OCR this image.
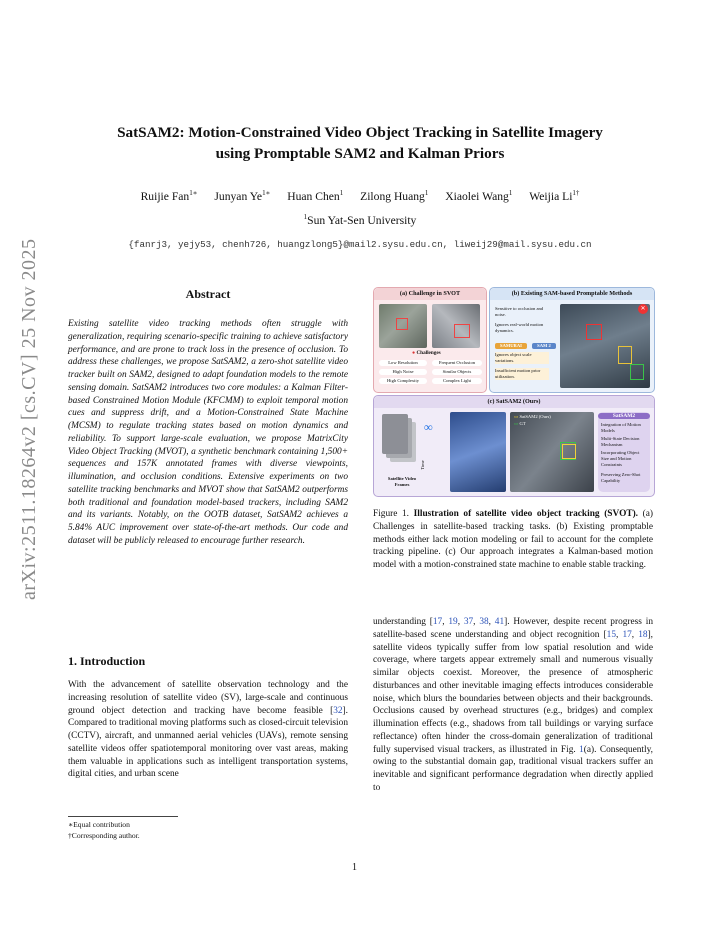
arXiv:2511.18264v2 [cs.CV] 25 Nov 2025
SatSAM2: Motion-Constrained Video Object Tracking in Satellite Imagery
using Promptable SAM2 and Kalman Priors
Ruijie Fan$^{1∗}$ Junyan $Ye^{1∗}$ Huan Chen$^1$ Zilong Huang$^1$ Xiaolei Wang$^1$ Weijia $Li^{1\dagger}$
$^1$Sun Yat-Sen University
{fanrj3, yejy53, chenh726, huangzlong5}@mail2.sysu.edu.cn, liweij29@mail.sysu.edu.cn
Abstract
Existing satellite video tracking methods often struggle with generalization, requiring scenario-specific training to achieve satisfactory performance, and are prone to track loss in the presence of occlusion. To address these challenges, we propose SatSAM2, a zero-shot satellite video tracker built on SAM2, designed to adapt foundation models to the remote sensing domain. SatSAM2 introduces two core modules: a Kalman Filter-based Constrained Motion Module (KFCMM) to exploit temporal motion cues and suppress drift, and a Motion-Constrained State Machine (MCSM) to regulate tracking states based on motion dynamics and reliability. To support large-scale evaluation, we propose MatrixCity Video Object Tracking (MVOT), a synthetic benchmark containing 1,500+ sequences and 157K annotated frames with diverse viewpoints, illumination, and occlusion conditions. Extensive experiments on two satellite tracking benchmarks and MVOT show that SatSAM2 outperforms both traditional and foundation model-based trackers, including SAM2 and its variants. Notably, on the OOTB dataset, SatSAM2 achieves a 5.84% AUC improvement over state-of-the-art methods. Our code and dataset will be publicly released to encourage further research.
1. Introduction
With the advancement of satellite observation technology and the increasing resolution of satellite video (SV), large-scale and continuous ground object detection and tracking have become feasible [32]. Compared to traditional moving platforms such as closed-circuit television (CCTV), aircraft, and unmanned aerial vehicles (UAVs), remote sensing satellite videos offer spatiotemporal monitoring over vast areas, making them valuable in applications such as intelligent transportation systems, digital cities, and urban scene
∗Equal contribution
†Corresponding author.
(a) Challenge in SVOT
● Challenges
Low Resolution	Frequent Occlusion
High Noise	Similar Objects
High Complexity	Complex Light
(b) Existing SAM-based Promptable Methods
Sensitive to occlusion and noise.
Ignores real-world motion dynamics.
SAMURAI	SAM 2
Ignores object scale variations.
Insufficient motion prior utilization.
✕
(c) SatSAM2 (Ours)
Time
Satellite Video Frames
∞
▭ SatSAM2 (Ours)
▭ GT
SatSAM2
Integration of Motion Models
Multi-State Decision Mechanism
Incorporating Object Size and Motion Constraints
Preserving Zero-Shot Capability
Figure 1. Illustration of satellite video object tracking (SVOT). (a) Challenges in satellite-based tracking tasks. (b) Existing promptable methods either lack motion modeling or fail to account for the complete tracking pipeline. (c) Our approach integrates a Kalman-based motion model with a motion-constrained state machine to enable stable tracking.
understanding [17, 19, 37, 38, 41]. However, despite recent progress in satellite-based scene understanding and object recognition [15, 17, 18], satellite videos typically suffer from low spatial resolution and wide coverage, where targets appear extremely small and numerous visually similar objects coexist. Moreover, the presence of atmospheric disturbances and other inevitable imaging effects introduces considerable noise, which blurs the boundaries between objects and their backgrounds. Occlusions caused by overhead structures (e.g., bridges) and complex illumination effects (e.g., shadows from tall buildings or varying surface reflectance) often hinder the cross-domain generalization of traditional fully supervised visual trackers, as illustrated in Fig. 1(a). Consequently, owing to the substantial domain gap, traditional visual trackers suffer an inevitable and significant performance degradation when directly applied to
1
